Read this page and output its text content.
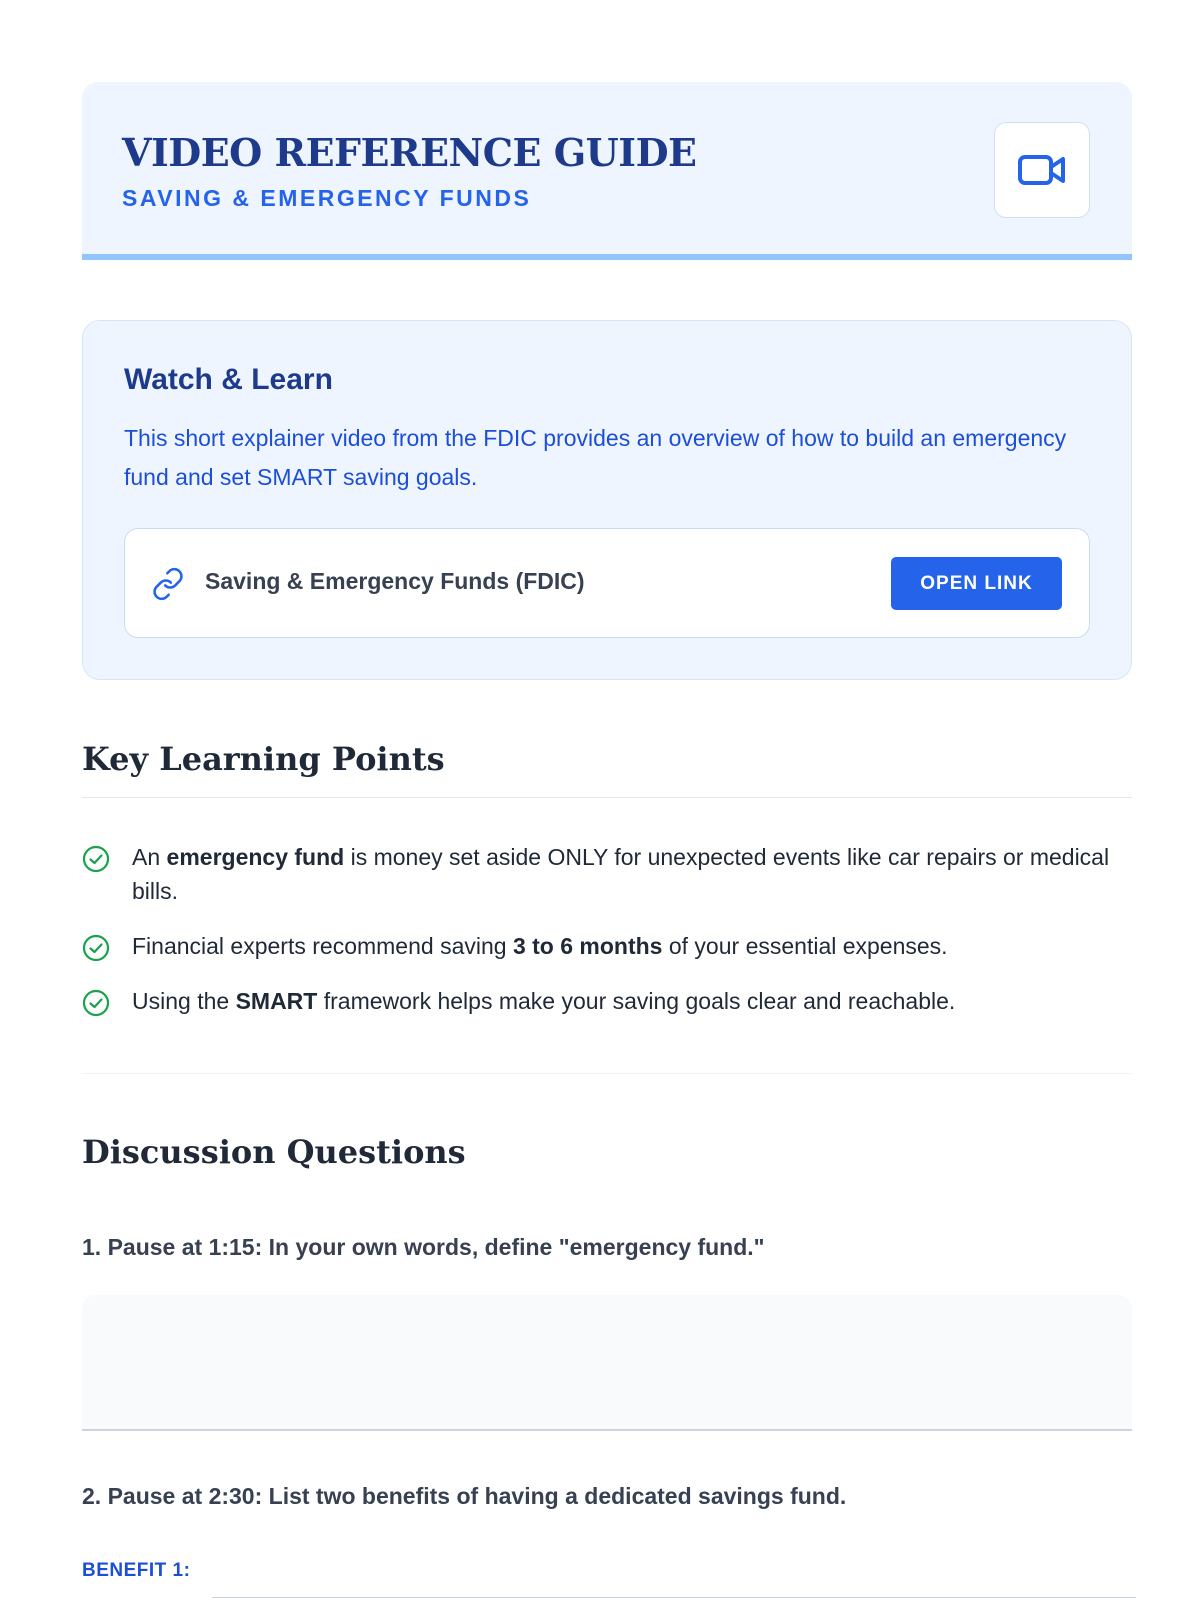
VIDEO REFERENCE GUIDE
SAVING & EMERGENCY FUNDS
Watch & Learn

This short explainer video from the FDIC provides an overview of how to build an emergency fund and set SMART saving goals.

Saving & Emergency Funds (FDIC)	OPEN LINK
Key Learning Points
An emergency fund is money set aside ONLY for unexpected events like car repairs or medical bills.
Financial experts recommend saving 3 to 6 months of your essential expenses.
Using the SMART framework helps make your saving goals clear and reachable.
Discussion Questions

1. Pause at 1:15: In your own words, define "emergency fund."

2. Pause at 2:30: List two benefits of having a dedicated savings fund.

BENEFIT 1:
